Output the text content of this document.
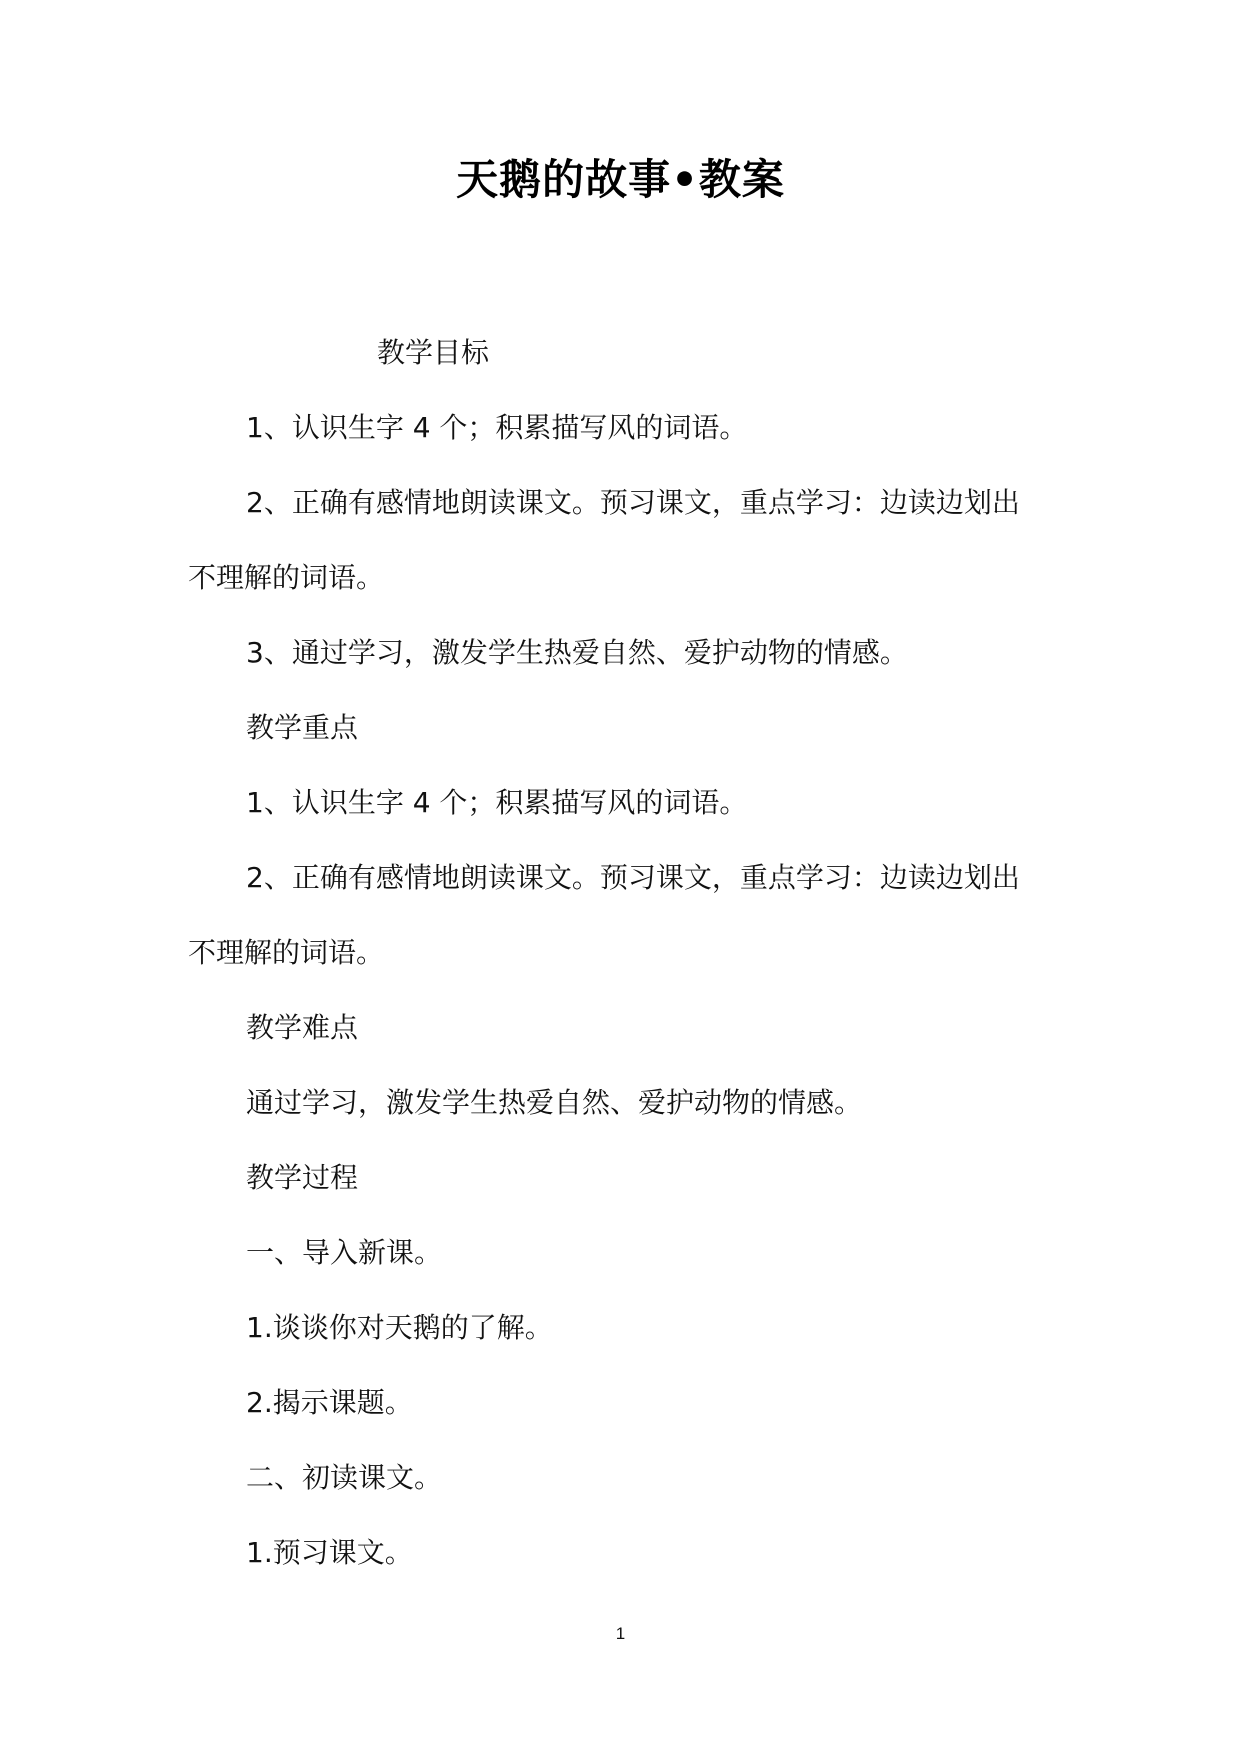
天鹅的故事•教案
教学目标
1、认识生字 4 个；积累描写风的词语。
2、正确有感情地朗读课文。预习课文，重点学习：边读边划出
不理解的词语。
3、通过学习，激发学生热爱自然、爱护动物的情感。
教学重点
1、认识生字 4 个；积累描写风的词语。
2、正确有感情地朗读课文。预习课文，重点学习：边读边划出
不理解的词语。
教学难点
通过学习，激发学生热爱自然、爱护动物的情感。
教学过程
一、导入新课。
1.谈谈你对天鹅的了解。
2.揭示课题。
二、初读课文。
1.预习课文。
1
